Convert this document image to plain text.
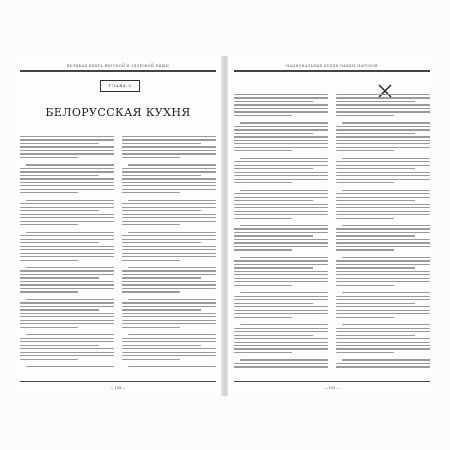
ВЕЛИКАЯ КНИГА ВКУСНОЙ И ЗДОРОВОЙ ПИЩИ
ГЛАВА 5
БЕЛОРУССКАЯ КУХНЯ
— 158 —
НАЦИОНАЛЬНЫЕ КУХНИ НАШИХ НАРОДОВ
— 159 —
